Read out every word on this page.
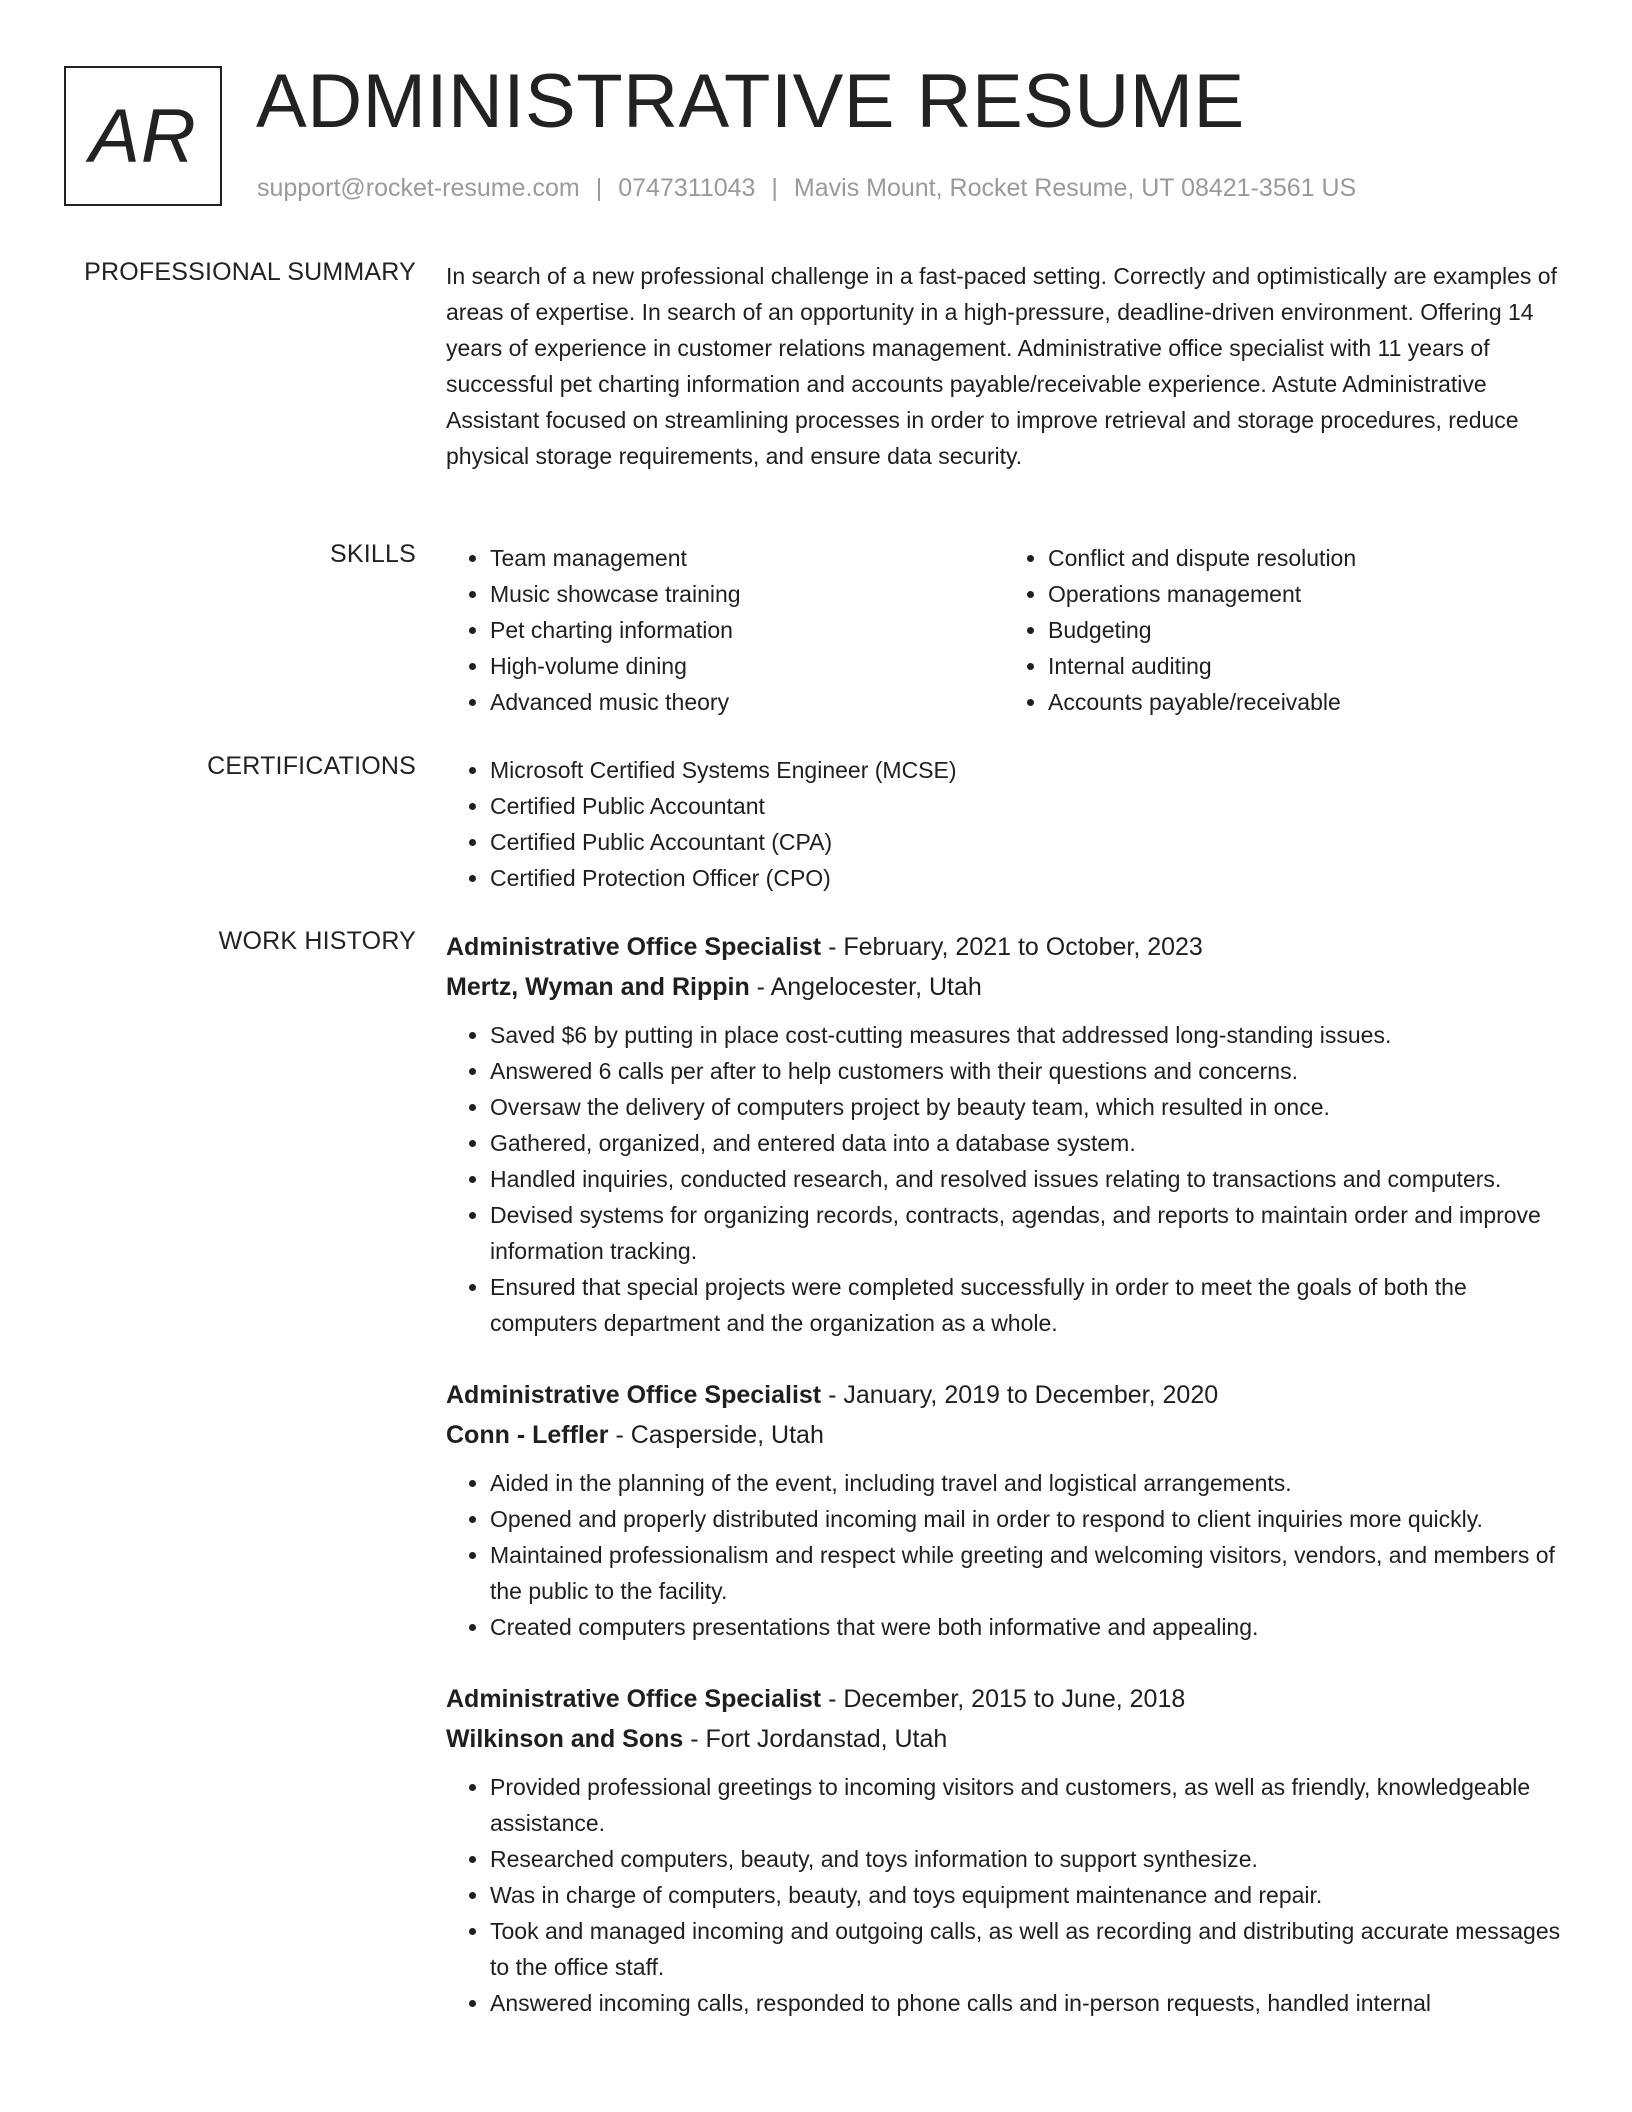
AR ADMINISTRATIVE RESUME
support@rocket-resume.com | 0747311043 | Mavis Mount, Rocket Resume, UT 08421-3561 US
PROFESSIONAL SUMMARY In search of a new professional challenge in a fast-paced setting. Correctly and optimistically are examples of areas of expertise. In search of an opportunity in a high-pressure, deadline-driven environment. Offering 14 years of experience in customer relations management. Administrative office specialist with 11 years of successful pet charting information and accounts payable/receivable experience. Astute Administrative Assistant focused on streamlining processes in order to improve retrieval and storage procedures, reduce physical storage requirements, and ensure data security.
SKILLS	• Team management
• Music showcase training
• Pet charting information
• High-volume dining
• Advanced music theory
• Conflict and dispute resolution
• Operations management
• Budgeting
• Internal auditing
• Accounts payable/receivable
CERTIFICATIONS	• Microsoft Certified Systems Engineer (MCSE)
• Certified Public Accountant
• Certified Public Accountant (CPA)
• Certified Protection Officer (CPO)
WORK HISTORY Administrative Office Specialist - February, 2021 to October, 2023
Mertz, Wyman and Rippin - Angelocester, Utah
• Saved $6 by putting in place cost-cutting measures that addressed long-standing issues.
• Answered 6 calls per after to help customers with their questions and concerns.
• Oversaw the delivery of computers project by beauty team, which resulted in once.
• Gathered, organized, and entered data into a database system.
• Handled inquiries, conducted research, and resolved issues relating to transactions and computers.
• Devised systems for organizing records, contracts, agendas, and reports to maintain order and improve information tracking.
• Ensured that special projects were completed successfully in order to meet the goals of both the computers department and the organization as a whole.
Administrative Office Specialist - January, 2019 to December, 2020
Conn - Leffler - Casperside, Utah
• Aided in the planning of the event, including travel and logistical arrangements.
• Opened and properly distributed incoming mail in order to respond to client inquiries more quickly.
• Maintained professionalism and respect while greeting and welcoming visitors, vendors, and members of the public to the facility.
• Created computers presentations that were both informative and appealing.
Administrative Office Specialist - December, 2015 to June, 2018
Wilkinson and Sons - Fort Jordanstad, Utah
• Provided professional greetings to incoming visitors and customers, as well as friendly, knowledgeable assistance.
• Researched computers, beauty, and toys information to support synthesize.
• Was in charge of computers, beauty, and toys equipment maintenance and repair.
• Took and managed incoming and outgoing calls, as well as recording and distributing accurate messages to the office staff.
• Answered incoming calls, responded to phone calls and in-person requests, handled internal
